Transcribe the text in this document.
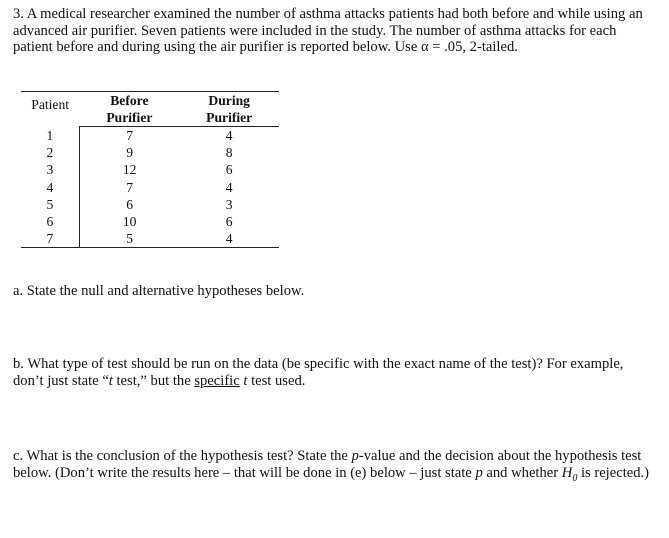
3. A medical researcher examined the number of asthma attacks patients had both before and while using an advanced air purifier. Seven patients were included in the study. The number of asthma attacks for each patient before and during using the air purifier is reported below. Use α = .05, 2-tailed.
Patient	Before	During
	Purifier	Purifier
1	7	4
2	9	8
3	12	6
4	7	4
5	6	3
6	10	6
7	5	4
a. State the null and alternative hypotheses below.
b. What type of test should be run on the data (be specific with the exact name of the test)? For example, don’t just state “t test,” but the specific t test used.
c. What is the conclusion of the hypothesis test? State the p-value and the decision about the hypothesis test below. (Don’t write the results here – that will be done in (e) below – just state p and whether $H_0$ is rejected.)
